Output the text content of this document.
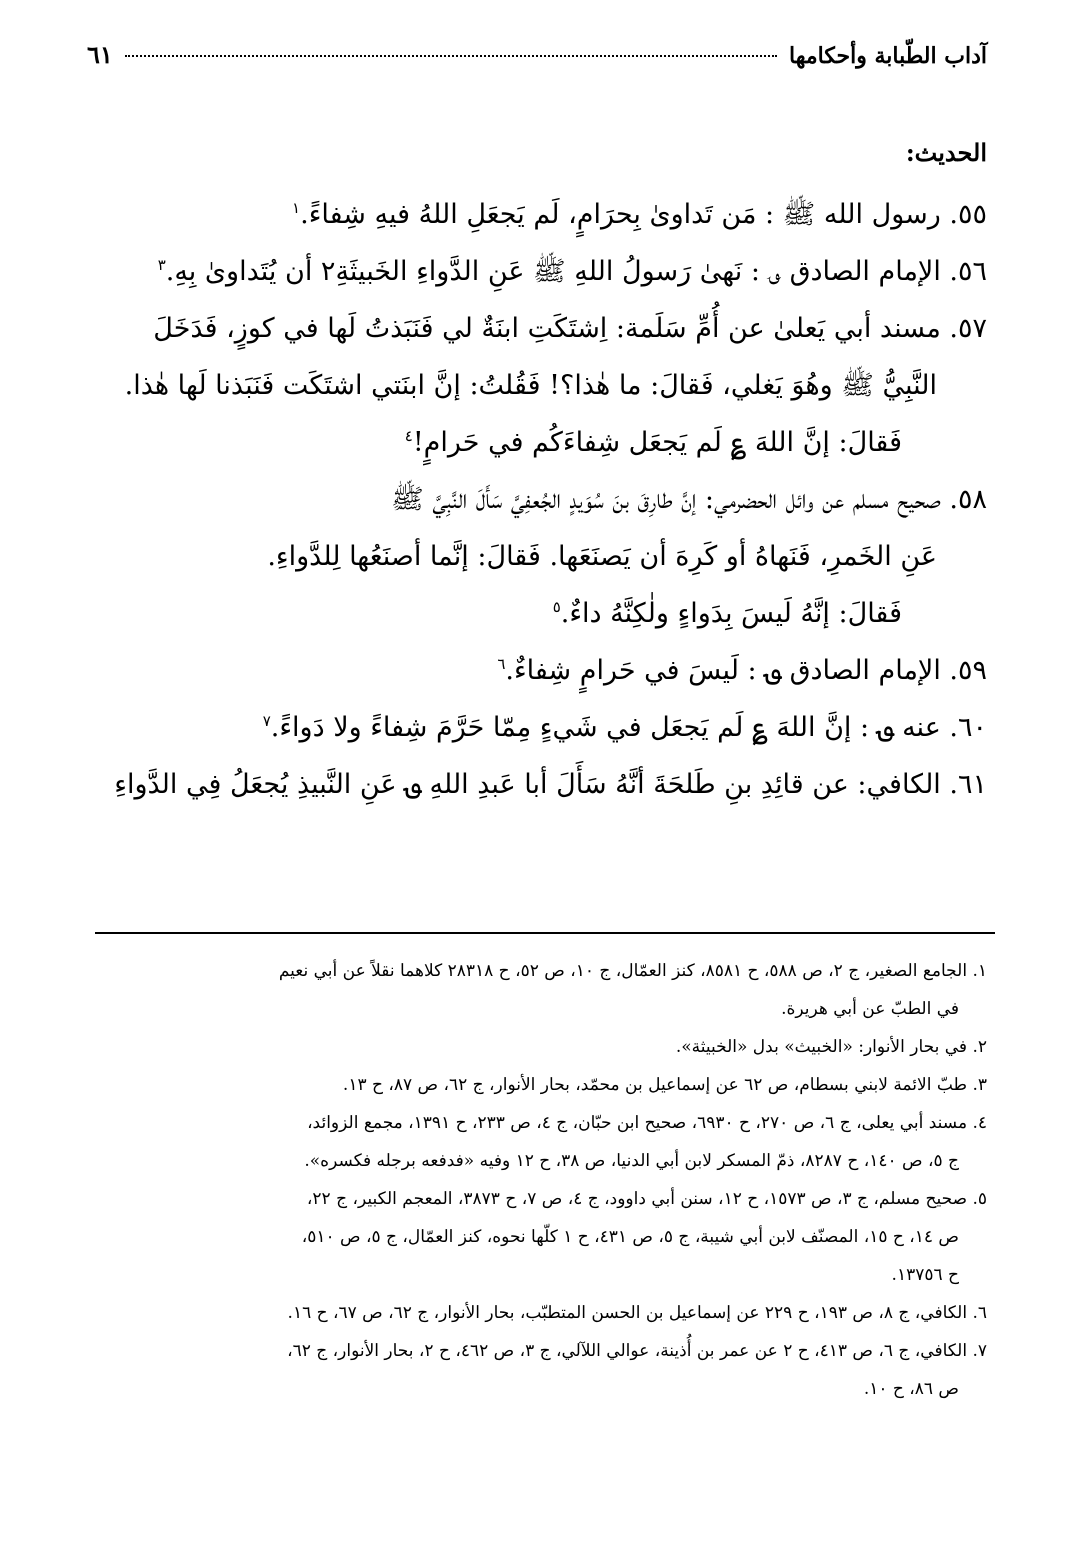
آداب الطّبابة وأحكامها
٦١
الحديث:

٥٥. رسول الله ﷺ : مَن تَداوىٰ بِحرَامٍ، لَم يَجعَلِ اللهُ فيهِ شِفاءً.$^١$

٥٦. الإمام الصادق ؈ : نَهىٰ رَسولُ اللهِ ﷺ عَنِ الدَّواءِ الخَبيثَةِ٢ أن يُتَداوىٰ بِهِ.$^٣$

٥٧. مسند أبي يَعلىٰ عن أُمِّ سَلَمة: اِشتَكَتِ ابنَةٌ لي فَنَبَذتُ لَها في كوزٍ، فَدَخَلَ
النَّبِيُّ ﷺ وهُوَ يَغلي، فَقالَ: ما هٰذا؟! فَقُلتُ: إنَّ ابنَتي اشتَكَت فَنَبَذنا لَها هٰذا.
فَقالَ: إنَّ اللهَ ؏ لَم يَجعَل شِفاءَكُم في حَرامٍ!$^٤$

٥٨. صحيح مسلم عن وائل الحضرمي: إنَّ طارِقَ بنَ سُوَيدٍ الجُعفِيَّ سَأَلَ النَّبِيَّ ﷺ
عَنِ الخَمرِ، فَنَهاهُ أو كَرِهَ أن يَصنَعَها. فَقالَ: إنَّما أصنَعُها لِلدَّواءِ.
فَقالَ: إنَّهُ لَيسَ بِدَواءٍ ولٰكِنَّهُ داءٌ.$^٥$

٥٩. الإمام الصادق ؈ : لَيسَ في حَرامٍ شِفاءٌ.$^٦$

٦٠. عنه ؈ : إنَّ اللهَ ؏ لَم يَجعَل في شَيءٍ مِمّا حَرَّمَ شِفاءً ولا دَواءً.$^٧$

٦١. الكافي: عن قائِدِ بنِ طَلحَةَ أنَّهُ سَأَلَ أبا عَبدِ اللهِ ؈ عَنِ النَّبيذِ يُجعَلُ فِي الدَّواءِ

١. الجامع الصغير، ج ٢، ص ٥٨٨، ح ٨٥٨١، كنز العمّال، ج ١٠، ص ٥٢، ح ٢٨٣١٨ كلاهما نقلاً عن أبي نعيم
في الطبّ عن أبي هريرة.

٢. في بحار الأنوار: «الخبيث» بدل «الخبيثة».

٣. طبّ الائمة لابني بسطام، ص ٦٢ عن إسماعيل بن محمّد، بحار الأنوار، ج ٦٢، ص ٨٧، ح ١٣.

٤. مسند أبي يعلى، ج ٦، ص ٢٧٠، ح ٦٩٣٠، صحيح ابن حبّان، ج ٤، ص ٢٣٣، ح ١٣٩١، مجمع الزوائد،
ج ٥، ص ١٤٠، ح ٨٢٨٧، ذمّ المسكر لابن أبي الدنيا، ص ٣٨، ح ١٢ وفيه «فدفعه برجله فكسره».

٥. صحيح مسلم، ج ٣، ص ١٥٧٣، ح ١٢، سنن أبي داوود، ج ٤، ص ٧، ح ٣٨٧٣، المعجم الكبير، ج ٢٢،
ص ١٤، ح ١٥، المصنّف لابن أبي شيبة، ج ٥، ص ٤٣١، ح ١ كلّها نحوه، كنز العمّال، ج ٥، ص ٥١٠،
ح ١٣٧٥٦.

٦. الكافي، ج ٨، ص ١٩٣، ح ٢٢٩ عن إسماعيل بن الحسن المتطبّب، بحار الأنوار، ج ٦٢، ص ٦٧، ح ١٦.

٧. الكافي، ج ٦، ص ٤١٣، ح ٢ عن عمر بن أُذينة، عوالي اللآلي، ج ٣، ص ٤٦٢، ح ٢، بحار الأنوار، ج ٦٢،
ص ٨٦، ح ١٠.
